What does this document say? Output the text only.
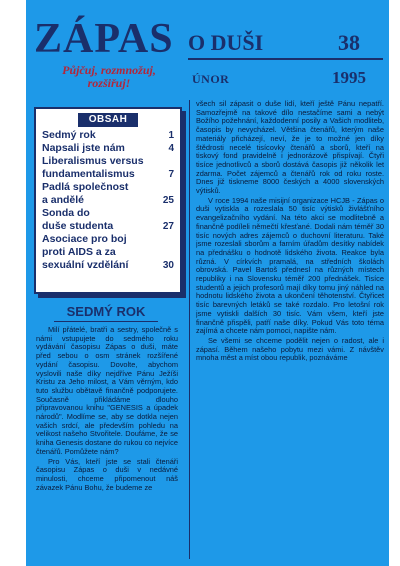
ZÁPAS O DUŠI	38
Půjčuj, rozmnožuj, rozšiřuj!	ÚNOR	1995
OBSAH
Sedmý rok	1
Napsali jste nám	4
Liberalismus versus
fundamentalismus	7
Padlá společnost
a andělé	25
Sonda do
duše studenta	27
Asociace pro boj
proti AIDS a za
sexuální vzdělání	30
SEDMÝ ROK

Milí přátelé, bratři a sestry, společně s námi vstupujete do sedmého roku vydávání časopisu Zápas o duši, máte před sebou o osm stránek rozšířené vydání časopisu. Dovolte, abychom vyslovili naše díky nejdříve Pánu Ježíši Kristu za Jeho milost, a Vám věrným, kdo tuto službu obětavě finančně podporujete. Současně přikládáme dlouho připravovanou knihu "GENESIS a úpadek národů". Modlíme se, aby se dotkla nejen vašich srdcí, ale především pohledu na velikost našeho Stvořitele. Doufáme, že se kniha Genesis dostane do rukou co nejvíce čtenářů. Pomůžete nám?

Pro Vás, kteří jste se stali čtenáři časopisu Zápas o duši v nedávné minulosti, chceme připomenout náš závazek Pánu Bohu, že budeme ze

všech sil zápasit o duše lidí, kteří ještě Pánu nepatří. Samozřejmě na takové dílo nestačíme sami a nebýt Božího požehnání, každodenní posily a Vašich modliteb, časopis by nevycházel. Většina čtenářů, kterým naše materiály přicházejí, neví, že je to možné jen díky štědrosti necelé tisícovky čtenářů a sborů, kteří na tiskový fond pravidelně i jednorázově přispívají. Čtyři tisíce jednotlivců a sborů dostává časopis již několik let zdarma. Počet zájemců a čtenářů rok od roku roste. Dnes již tiskneme 8000 českých a 4000 slovenských výtisků.

V roce 1994 naše misijní organizace HCJB - Zápas o duši vytiskla a rozeslala 50 tisíc výtisků živlášťního evangelizačního vydání. Na této akci se modlitebně a finančně podíleli němečtí křesťané. Dodali nám téměř 30 tisíc nových adres zájemců o duchovní literaturu. Také jsme rozeslali sborům a farním úřadům desítky nabídek na přednášku o hodnotě lidského života. Reakce byla různá. V církvích pramalá, na středních školách obrovská. Pavel Bartoš přednesl na různých místech republiky i na Slovensku téměř 200 přednášek. Tisíce studentů a jejich profesorů mají díky tomu jiný náhled na hodnotu lidského života a ukončení těhotenství. Čtyřicet tisíc barevných letáků se také rozdalo. Pro letošní rok jsme vytiskli dalších 30 tisíc. Vám všem, kteří jste finančně přispěli, patří naše díky. Pokud Vás toto téma zajímá a chcete nám pomoci, napište nám.

Se všemi se chceme podělit nejen o radost, ale i zápasí. Během našeho pobytu mezi vámi. Z návštěv mnoha měst a míst obou republik, poznáváme
